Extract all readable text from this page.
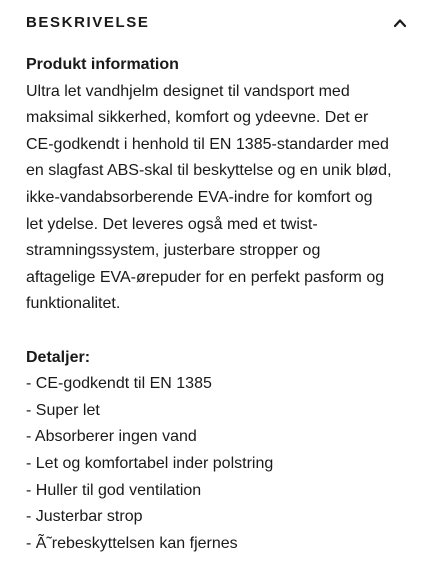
BESKRIVELSE
Produkt information
Ultra let vandhjelm designet til vandsport med
maksimal sikkerhed, komfort og ydeevne. Det er
CE-godkendt i henhold til EN 1385-standarder med
en slagfast ABS-skal til beskyttelse og en unik blød,
ikke-vandabsorberende EVA-indre for komfort og
let ydelse. Det leveres også med et twist-
stramningssystem, justerbare stropper og
aftagelige EVA-ørepuder for en perfekt pasform og
funktionalitet.
Detaljer:
- CE-godkendt til EN 1385
- Super let
- Absorberer ingen vand
- Let og komfortabel inder polstring
- Huller til god ventilation
- Justerbar strop
- Ã˜rebeskyttelsen kan fjernes
